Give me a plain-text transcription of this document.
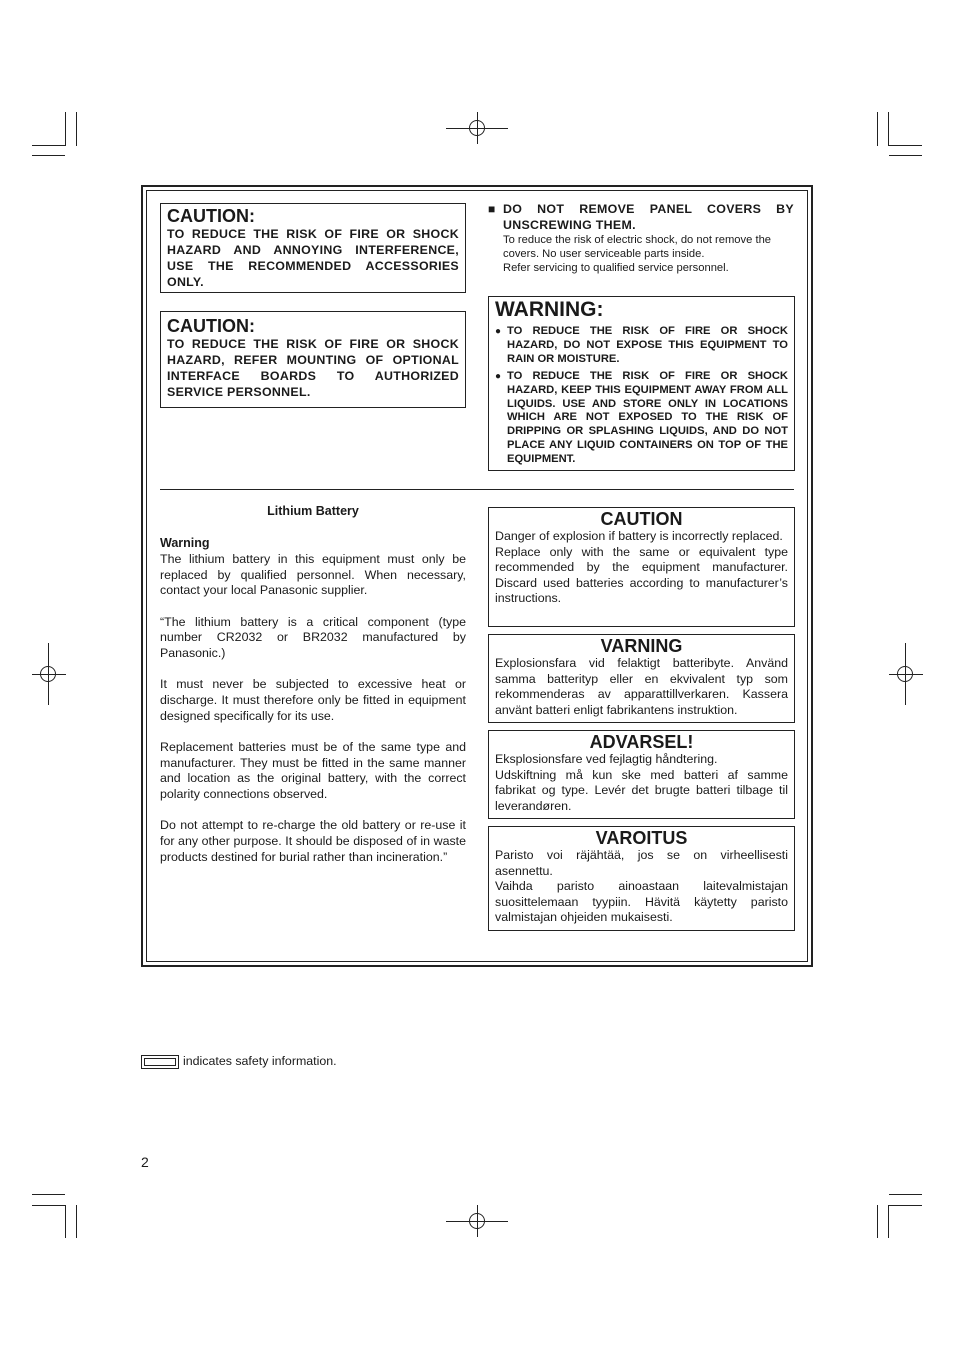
CAUTION:
TO REDUCE THE RISK OF FIRE OR SHOCK HAZARD AND ANNOYING INTERFERENCE, USE THE RECOMMENDED ACCESSORIES ONLY.
CAUTION:
TO REDUCE THE RISK OF FIRE OR SHOCK HAZARD, REFER MOUNTING OF OPTIONAL INTERFACE BOARDS TO AUTHORIZED SERVICE PERSONNEL.
■ DO NOT REMOVE PANEL COVERS BY UNSCREWING THEM.
To reduce the risk of electric shock, do not remove the covers. No user serviceable parts inside.
Refer servicing to qualified service personnel.
WARNING:
● TO REDUCE THE RISK OF FIRE OR SHOCK HAZARD, DO NOT EXPOSE THIS EQUIPMENT TO RAIN OR MOISTURE.
● TO REDUCE THE RISK OF FIRE OR SHOCK HAZARD, KEEP THIS EQUIPMENT AWAY FROM ALL LIQUIDS. USE AND STORE ONLY IN LOCATIONS WHICH ARE NOT EXPOSED TO THE RISK OF DRIPPING OR SPLASHING LIQUIDS, AND DO NOT PLACE ANY LIQUID CONTAINERS ON TOP OF THE EQUIPMENT.
Lithium Battery
Warning

The lithium battery in this equipment must only be replaced by qualified personnel. When necessary, contact your local Panasonic supplier.

“The lithium battery is a critical component (type number CR2032 or BR2032 manufactured by Panasonic.)

It must never be subjected to excessive heat or discharge. It must therefore only be fitted in equipment designed specifically for its use.

Replacement batteries must be of the same type and manufacturer. They must be fitted in the same manner and location as the original battery, with the correct polarity connections observed.

Do not attempt to re-charge the old battery or re-use it for any other purpose. It should be disposed of in waste products destined for burial rather than incineration.”

CAUTION

Danger of explosion if battery is incorrectly replaced.

Replace only with the same or equivalent type recommended by the equipment manufacturer. Discard used batteries according to manufacturer’s instructions.

VARNING

Explosionsfara vid felaktigt batteribyte. Använd samma batterityp eller en ekvivalent typ som rekommenderas av apparattillverkaren. Kassera använt batteri enligt fabrikantens instruktion.

ADVARSEL!

Eksplosionsfare ved fejlagtig håndtering.

Udskiftning må kun ske med batteri af samme fabrikat og type. Levér det brugte batteri tilbage til leverandøren.

VAROITUS

Paristo voi räjähtää, jos se on virheellisesti asennettu.

Vaihda paristo ainoastaan laitevalmistajan suosittelemaan tyypiin. Hävitä käytetty paristo valmistajan ohjeiden mukaisesti.

indicates safety information.
2
